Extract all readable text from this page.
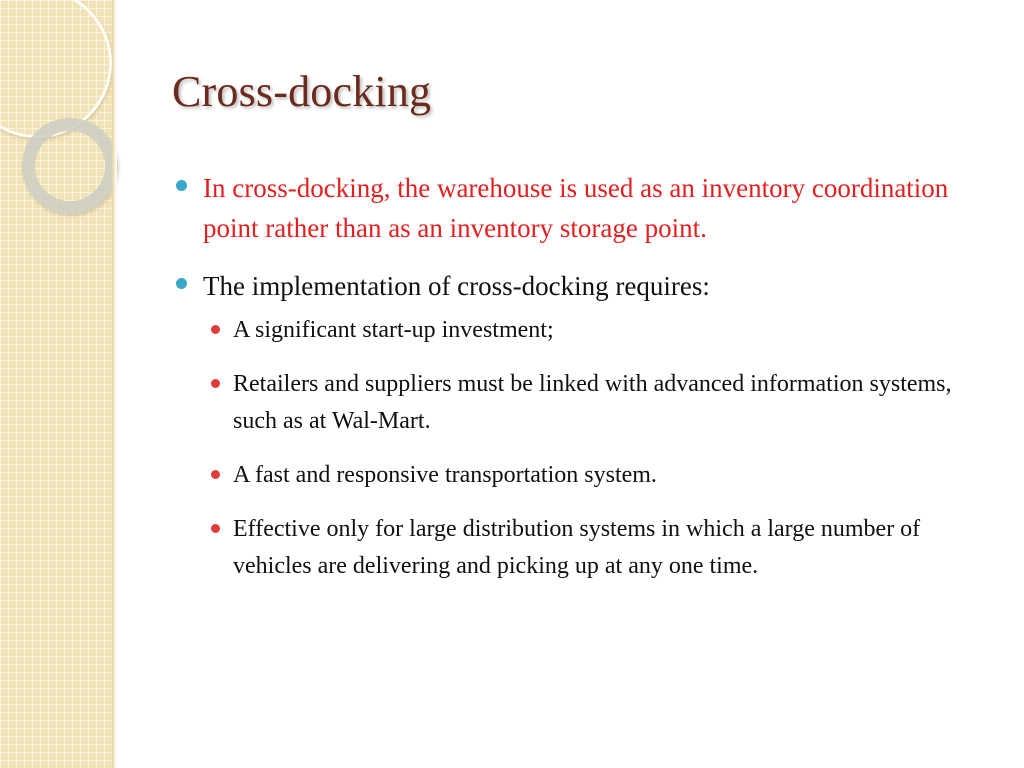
Cross-docking
In cross-docking, the warehouse is used as an inventory coordination point rather than as an inventory storage point.
The implementation of cross-docking requires:
A significant start-up investment;
Retailers and suppliers must be linked with advanced information systems, such as at Wal-Mart.
A fast and responsive transportation system.
Effective only for large distribution systems in which a large number of vehicles are delivering and picking up at any one time.
